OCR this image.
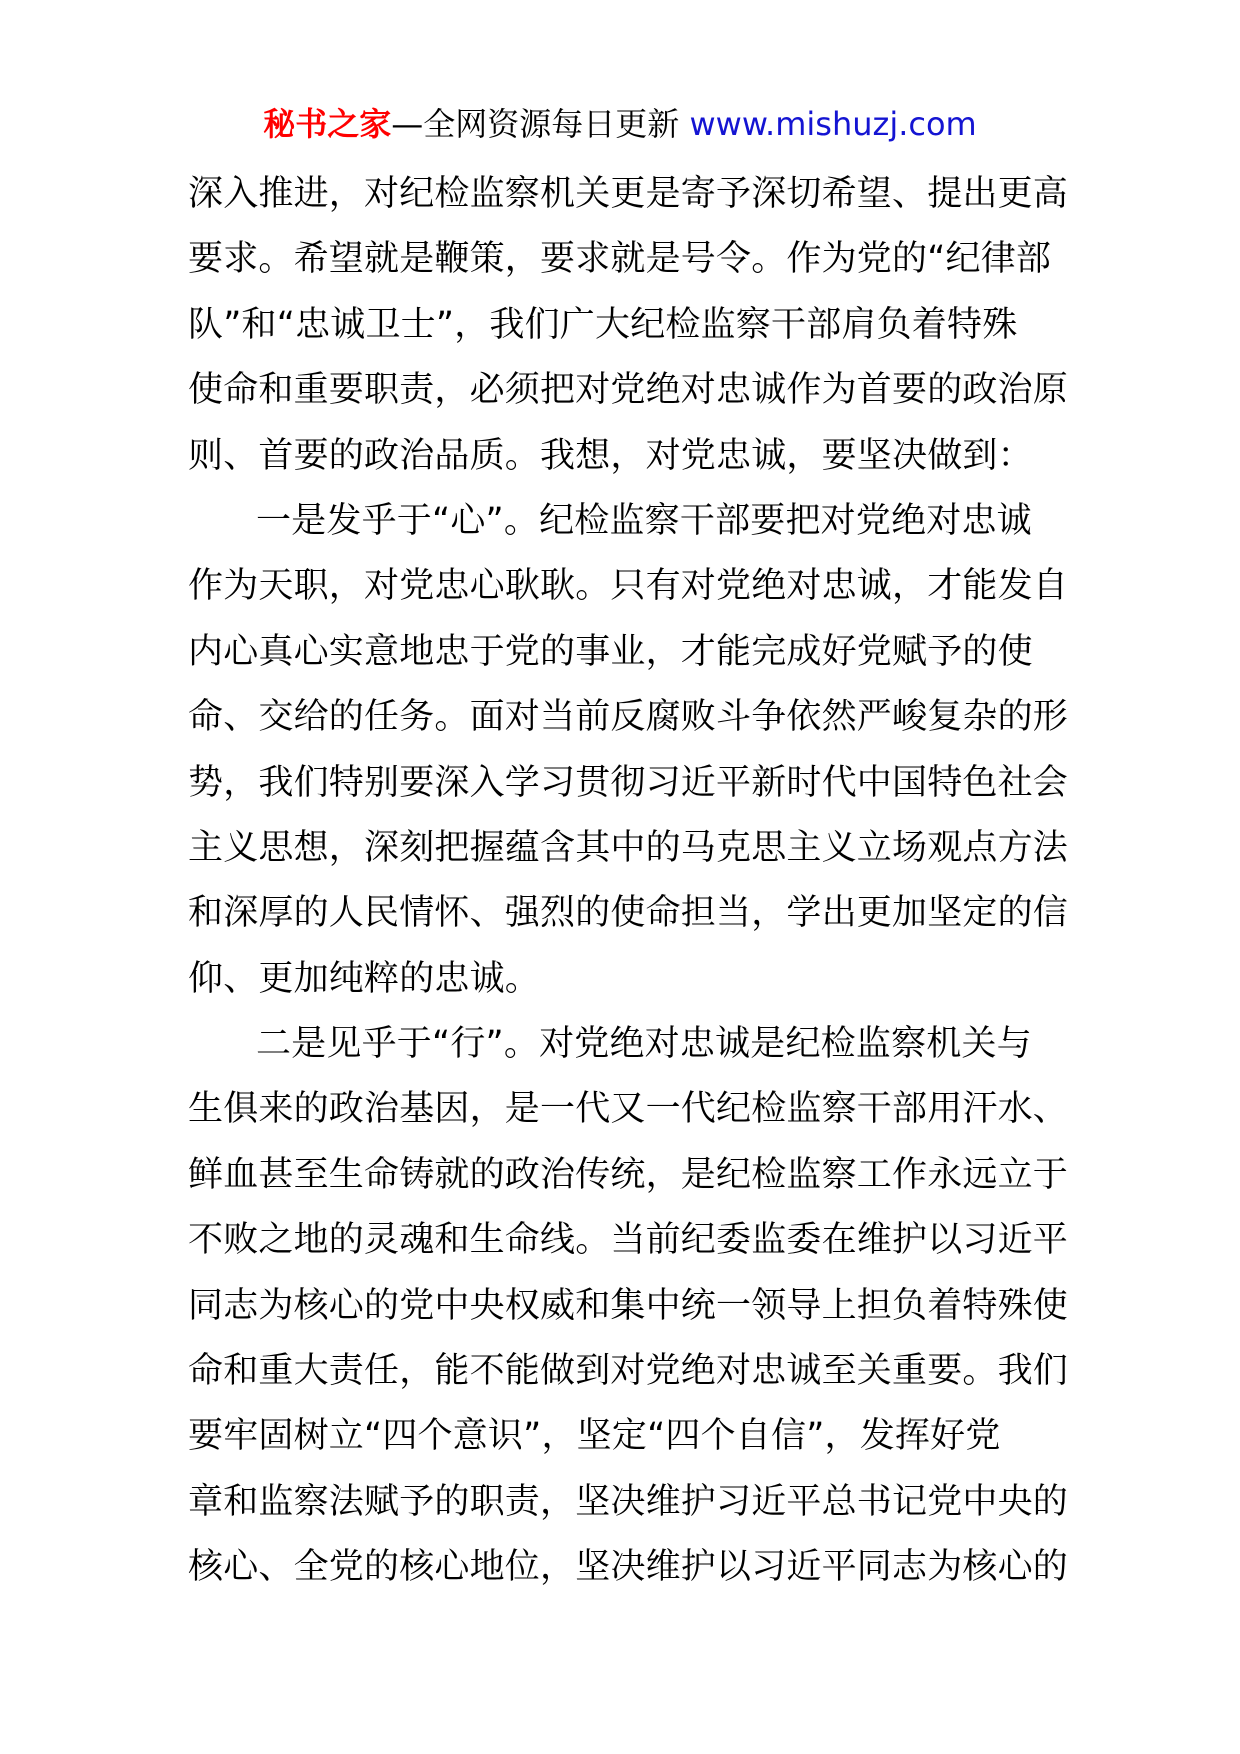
秘书之家—全网资源每日更新 www.mishuzj.com
深入推进，对纪检监察机关更是寄予深切希望、提出更高
要求。希望就是鞭策，要求就是号令。作为党的“纪律部
队”和“忠诚卫士”，我们广大纪检监察干部肩负着特殊
使命和重要职责，必须把对党绝对忠诚作为首要的政治原
则、首要的政治品质。我想，对党忠诚，要坚决做到：
一是发乎于“心”。纪检监察干部要把对党绝对忠诚
作为天职，对党忠心耿耿。只有对党绝对忠诚，才能发自
内心真心实意地忠于党的事业，才能完成好党赋予的使
命、交给的任务。面对当前反腐败斗争依然严峻复杂的形
势，我们特别要深入学习贯彻习近平新时代中国特色社会
主义思想，深刻把握蕴含其中的马克思主义立场观点方法
和深厚的人民情怀、强烈的使命担当，学出更加坚定的信
仰、更加纯粹的忠诚。
二是见乎于“行”。对党绝对忠诚是纪检监察机关与
生俱来的政治基因，是一代又一代纪检监察干部用汗水、
鲜血甚至生命铸就的政治传统，是纪检监察工作永远立于
不败之地的灵魂和生命线。当前纪委监委在维护以习近平
同志为核心的党中央权威和集中统一领导上担负着特殊使
命和重大责任，能不能做到对党绝对忠诚至关重要。我们
要牢固树立“四个意识”，坚定“四个自信”，发挥好党
章和监察法赋予的职责，坚决维护习近平总书记党中央的
核心、全党的核心地位，坚决维护以习近平同志为核心的
